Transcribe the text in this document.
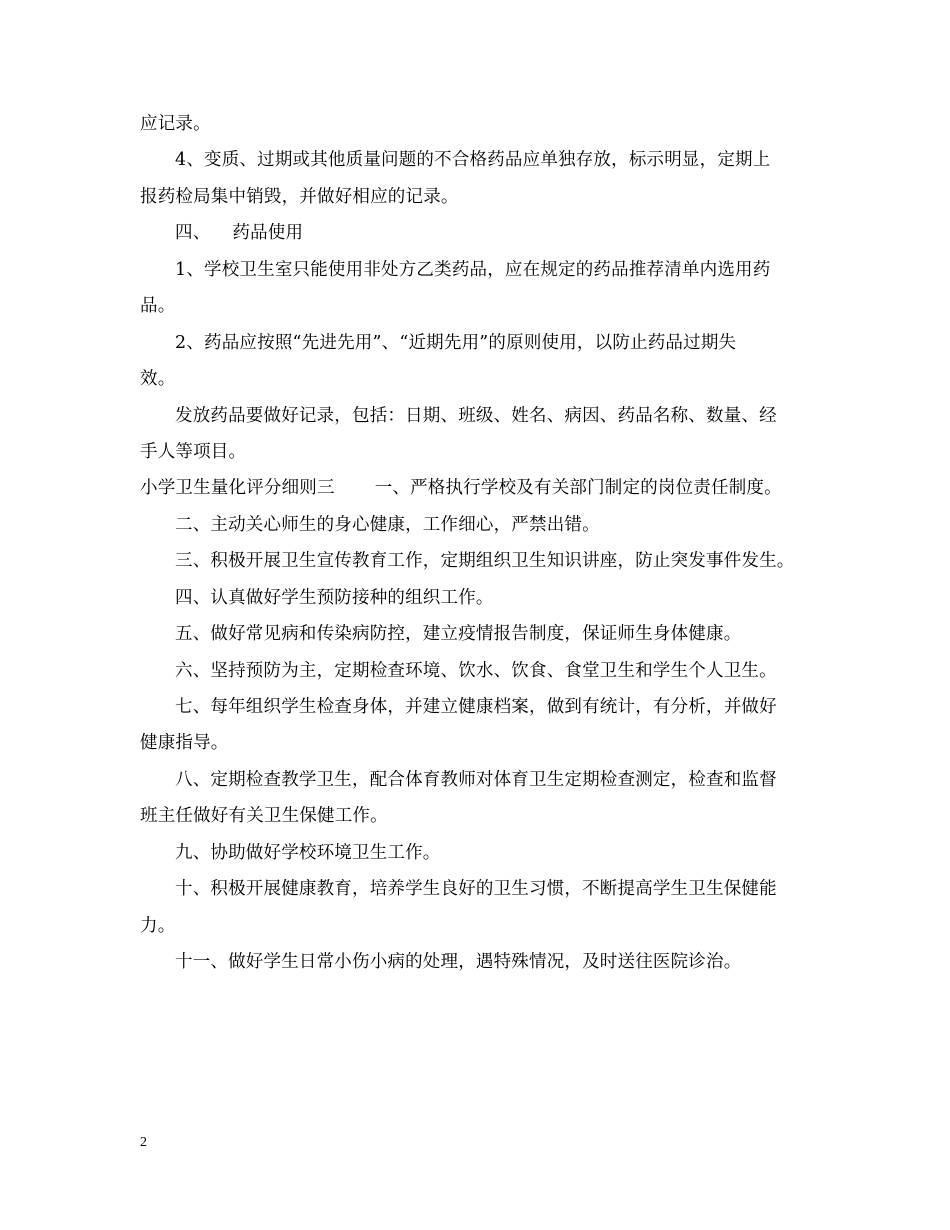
应记录。
4、变质、过期或其他质量问题的不合格药品应单独存放，标示明显，定期上
报药检局集中销毁，并做好相应的记录。
四、 药品使用
1、学校卫生室只能使用非处方乙类药品，应在规定的药品推荐清单内选用药
品。
2、药品应按照“先进先用”、“近期先用”的原则使用，以防止药品过期失
效。
发放药品要做好记录，包括：日期、班级、姓名、病因、药品名称、数量、经
手人等项目。
小学卫生量化评分细则三 一、严格执行学校及有关部门制定的岗位责任制度。
二、主动关心师生的身心健康，工作细心，严禁出错。
三、积极开展卫生宣传教育工作，定期组织卫生知识讲座，防止突发事件发生。
四、认真做好学生预防接种的组织工作。
五、做好常见病和传染病防控，建立疫情报告制度，保证师生身体健康。
六、坚持预防为主，定期检查环境、饮水、饮食、食堂卫生和学生个人卫生。
七、每年组织学生检查身体，并建立健康档案，做到有统计，有分析，并做好
健康指导。
八、定期检查教学卫生，配合体育教师对体育卫生定期检查测定，检查和监督
班主任做好有关卫生保健工作。
九、协助做好学校环境卫生工作。
十、积极开展健康教育，培养学生良好的卫生习惯，不断提高学生卫生保健能
力。
十一、做好学生日常小伤小病的处理，遇特殊情况，及时送往医院诊治。
2
